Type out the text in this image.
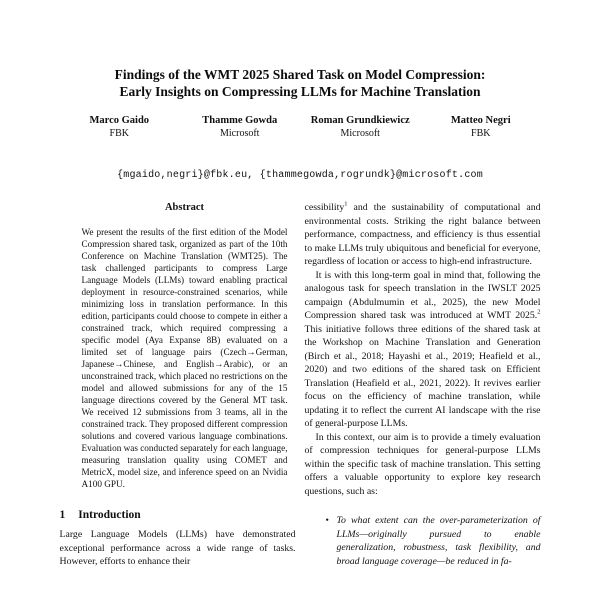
Findings of the WMT 2025 Shared Task on Model Compression:
Early Insights on Compressing LLMs for Machine Translation
Marco Gaido
FBK
Thamme Gowda
Microsoft
Roman Grundkiewicz
Microsoft
Matteo Negri
FBK
{mgaido,negri}@fbk.eu, {thammegowda,rogrundk}@microsoft.com
Abstract
We present the results of the first edition of the Model Compression shared task, organized as part of the 10th Conference on Machine Translation (WMT25). The task challenged participants to compress Large Language Models (LLMs) toward enabling practical deployment in resource-constrained scenarios, while minimizing loss in translation performance. In this edition, participants could choose to compete in either a constrained track, which required compressing a specific model (Aya Expanse 8B) evaluated on a limited set of language pairs (Czech→German, Japanese→Chinese, and English→Arabic), or an unconstrained track, which placed no restrictions on the model and allowed submissions for any of the 15 language directions covered by the General MT task. We received 12 submissions from 3 teams, all in the constrained track. They proposed different compression solutions and covered various language combinations. Evaluation was conducted separately for each language, measuring translation quality using COMET and MetricX, model size, and inference speed on an Nvidia A100 GPU.
1 Introduction
Large Language Models (LLMs) have demonstrated exceptional performance across a wide range of tasks. However, efforts to enhance their
cessibility$^1$ and the sustainability of computational and environmental costs. Striking the right balance between performance, compactness, and efficiency is thus essential to make LLMs truly ubiquitous and beneficial for everyone, regardless of location or access to high-end infrastructure.
It is with this long-term goal in mind that, following the analogous task for speech translation in the IWSLT 2025 campaign (Abdulmumin et al., 2025), the new Model Compression shared task was introduced at WMT 2025.$^2$ This initiative follows three editions of the shared task at the Workshop on Machine Translation and Generation (Birch et al., 2018; Hayashi et al., 2019; Heafield et al., 2020) and two editions of the shared task on Efficient Translation (Heafield et al., 2021, 2022). It revives earlier focus on the efficiency of machine translation, while updating it to reflect the current AI landscape with the rise of general-purpose LLMs.
In this context, our aim is to provide a timely evaluation of compression techniques for general-purpose LLMs within the specific task of machine translation. This setting offers a valuable opportunity to explore key research questions, such as:
• To what extent can the over-parameterization of LLMs—originally pursued to enable generalization, robustness, task flexibility, and broad language coverage—be reduced in fa-
